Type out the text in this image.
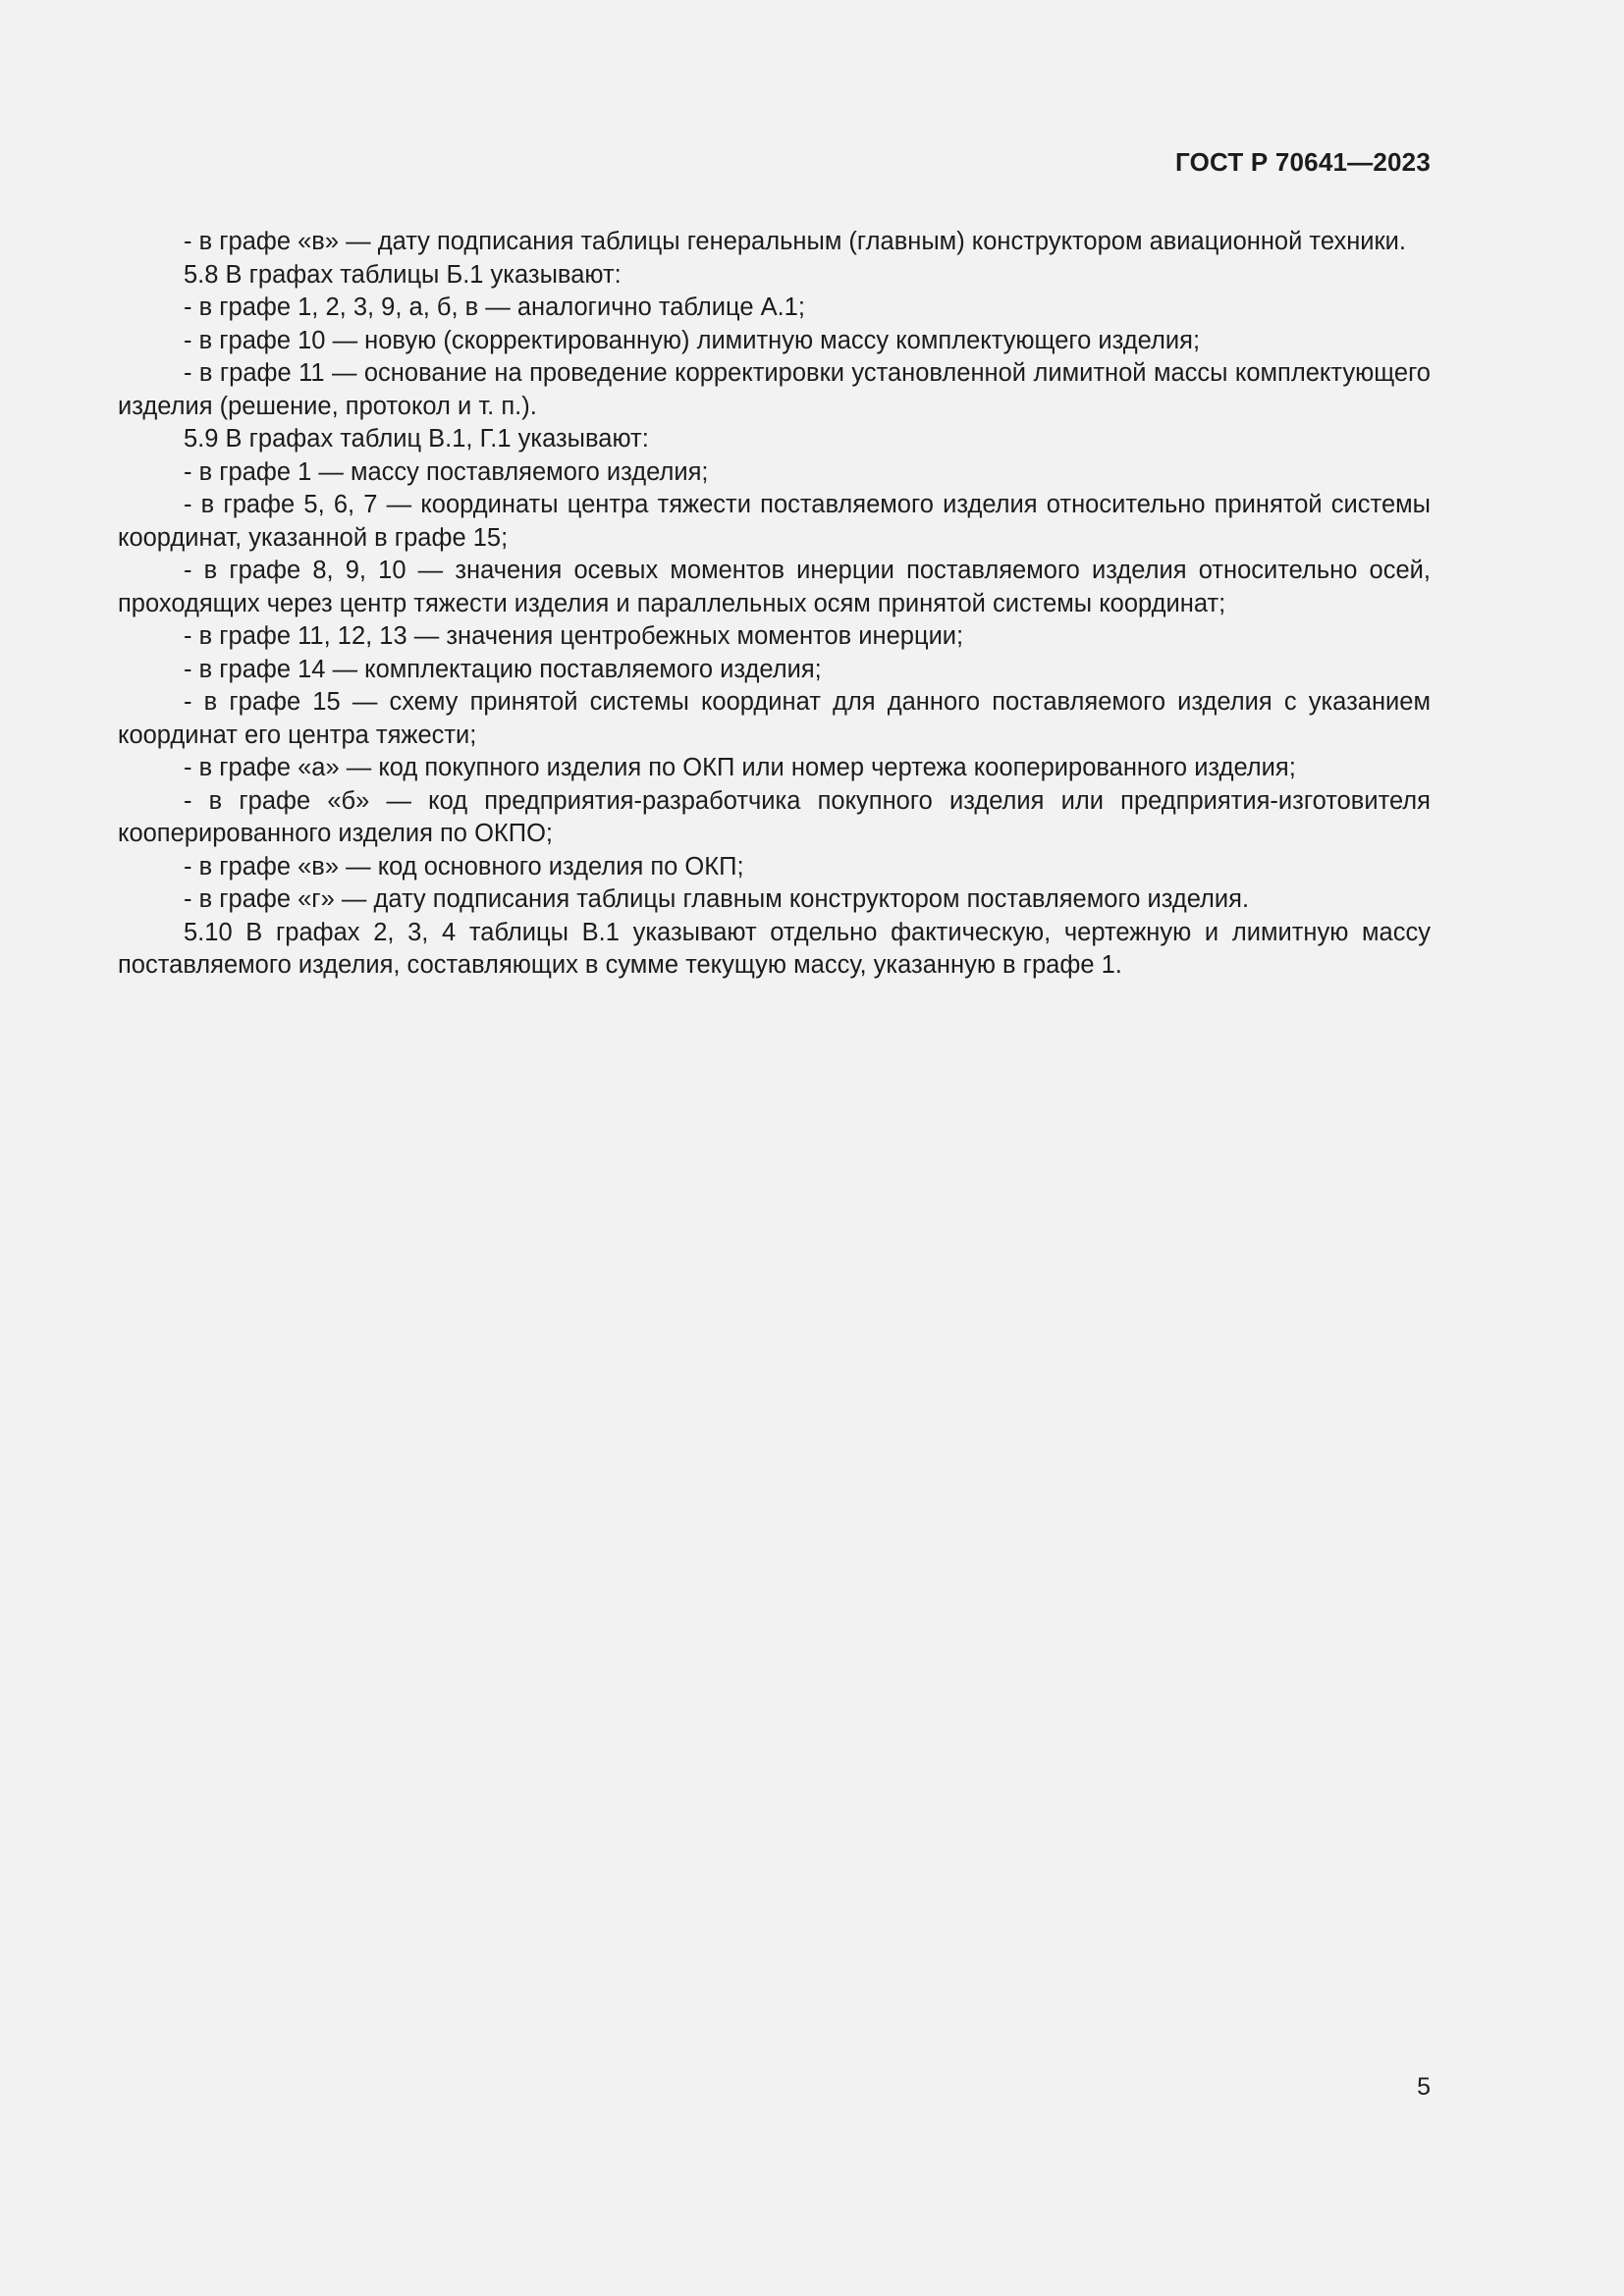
ГОСТ Р 70641—2023

- в графе «в» — дату подписания таблицы генеральным (главным) конструктором авиационной техники.

5.8 В графах таблицы Б.1 указывают:

- в графе 1, 2, 3, 9, а, б, в — аналогично таблице А.1;

- в графе 10 — новую (скорректированную) лимитную массу комплектующего изделия;

- в графе 11 — основание на проведение корректировки установленной лимитной массы комплектующего изделия (решение, протокол и т. п.).

5.9 В графах таблиц В.1, Г.1 указывают:

- в графе 1 — массу поставляемого изделия;

- в графе 5, 6, 7 — координаты центра тяжести поставляемого изделия относительно принятой системы координат, указанной в графе 15;

- в графе 8, 9, 10 — значения осевых моментов инерции поставляемого изделия относительно осей, проходящих через центр тяжести изделия и параллельных осям принятой системы координат;

- в графе 11, 12, 13 — значения центробежных моментов инерции;

- в графе 14 — комплектацию поставляемого изделия;

- в графе 15 — схему принятой системы координат для данного поставляемого изделия с указанием координат его центра тяжести;

- в графе «а» — код покупного изделия по ОКП или номер чертежа кооперированного изделия;

- в графе «б» — код предприятия-разработчика покупного изделия или предприятия-изготовителя кооперированного изделия по ОКПО;

- в графе «в» — код основного изделия по ОКП;

- в графе «г» — дату подписания таблицы главным конструктором поставляемого изделия.

5.10 В графах 2, 3, 4 таблицы В.1 указывают отдельно фактическую, чертежную и лимитную массу поставляемого изделия, составляющих в сумме текущую массу, указанную в графе 1.

5
